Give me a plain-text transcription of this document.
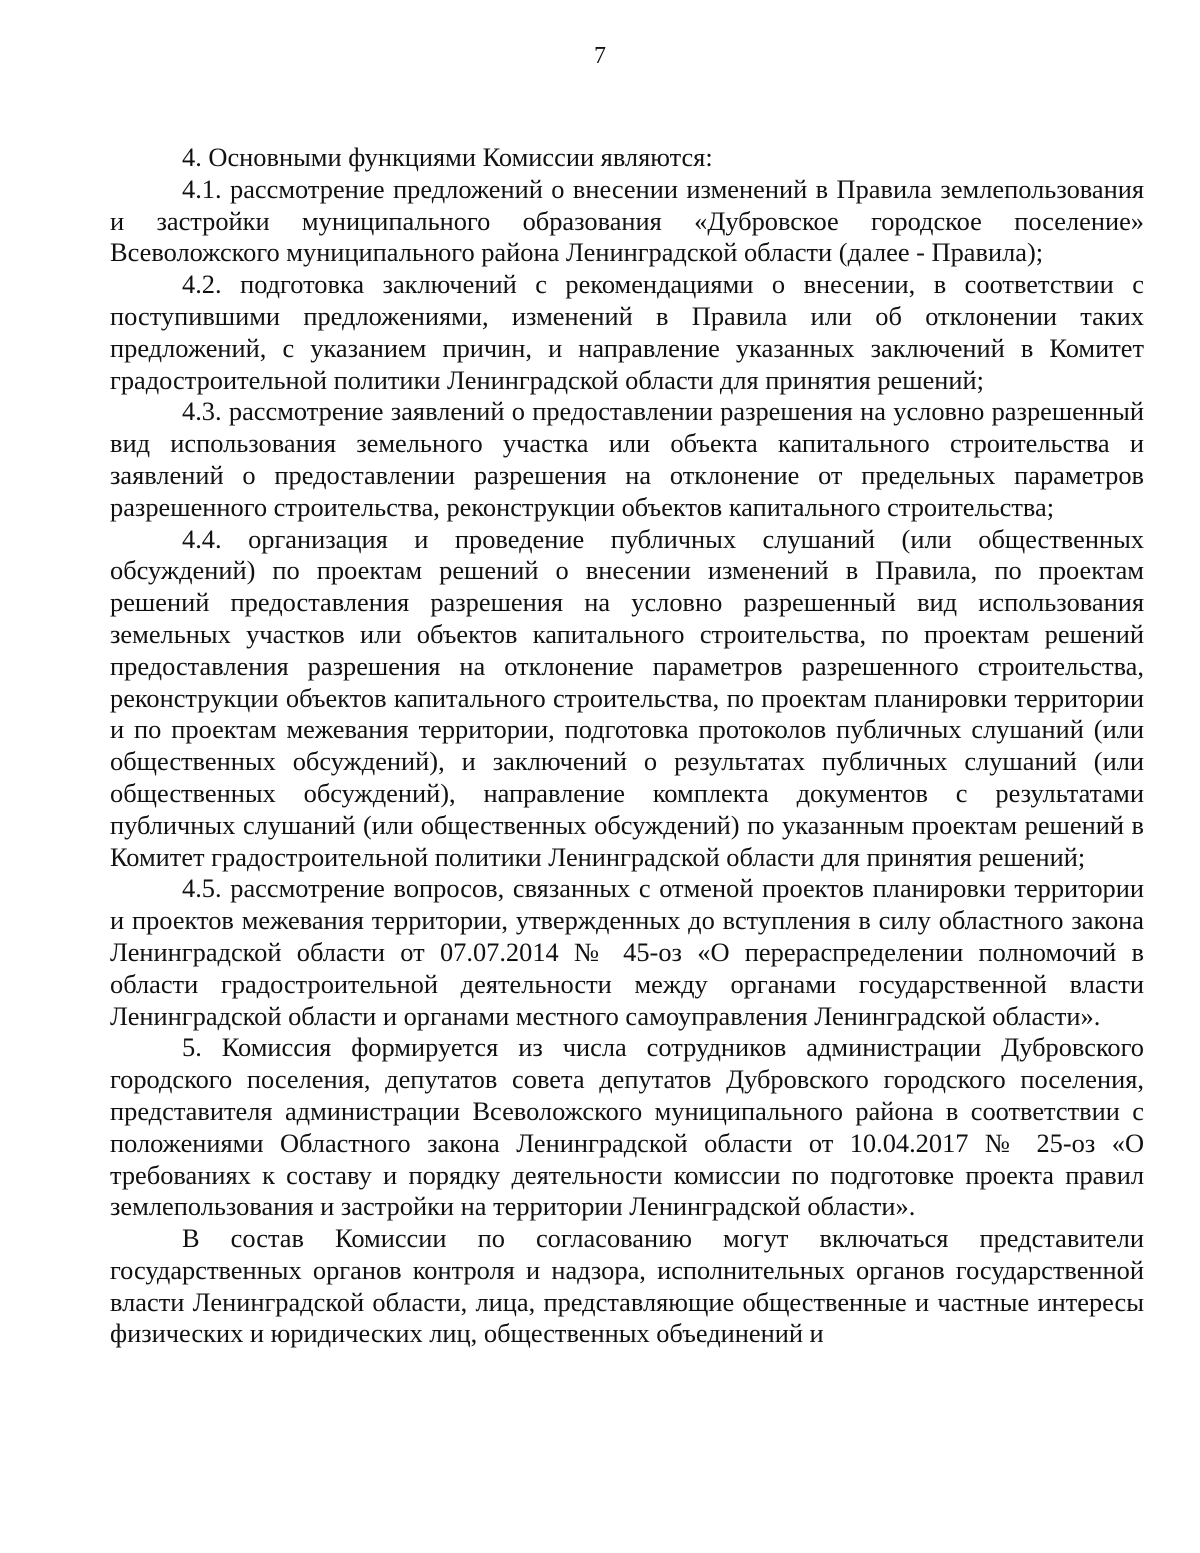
7

4. Основными функциями Комиссии являются:

4.1. рассмотрение предложений о внесении изменений в Правила землепользования и застройки муниципального образования «Дубровское городское поселение» Всеволожского муниципального района Ленинградской области (далее - Правила);

4.2. подготовка заключений с рекомендациями о внесении, в соответствии с поступившими предложениями, изменений в Правила или об отклонении таких предложений, с указанием причин, и направление указанных заключений в Комитет градостроительной политики Ленинградской области для принятия решений;

4.3. рассмотрение заявлений о предоставлении разрешения на условно разрешенный вид использования земельного участка или объекта капитального строительства и заявлений о предоставлении разрешения на отклонение от предельных параметров разрешенного строительства, реконструкции объектов капитального строительства;

4.4. организация и проведение публичных слушаний (или общественных обсуждений) по проектам решений о внесении изменений в Правила, по проектам решений предоставления разрешения на условно разрешенный вид использования земельных участков или объектов капитального строительства, по проектам решений предоставления разрешения на отклонение параметров разрешенного строительства, реконструкции объектов капитального строительства, по проектам планировки территории и по проектам межевания территории, подготовка протоколов публичных слушаний (или общественных обсуждений), и заключений о результатах публичных слушаний (или общественных обсуждений), направление комплекта документов с результатами публичных слушаний (или общественных обсуждений) по указанным проектам решений в Комитет градостроительной политики Ленинградской области для принятия решений;

4.5. рассмотрение вопросов, связанных с отменой проектов планировки территории и проектов межевания территории, утвержденных до вступления в силу областного закона Ленинградской области от 07.07.2014 № 45-оз «О перераспределении полномочий в области градостроительной деятельности между органами государственной власти Ленинградской области и органами местного самоуправления Ленинградской области».

5. Комиссия формируется из числа сотрудников администрации Дубровского городского поселения, депутатов совета депутатов Дубровского городского поселения, представителя администрации Всеволожского муниципального района в соответствии с положениями Областного закона Ленинградской области от 10.04.2017 № 25-оз «О требованиях к составу и порядку деятельности комиссии по подготовке проекта правил землепользования и застройки на территории Ленинградской области».

В состав Комиссии по согласованию могут включаться представители государственных органов контроля и надзора, исполнительных органов государственной власти Ленинградской области, лица, представляющие общественные и частные интересы физических и юридических лиц, общественных объединений и
